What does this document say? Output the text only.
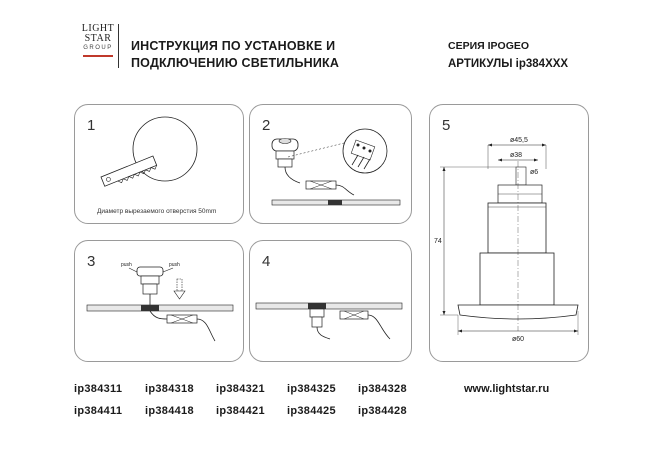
LIGHT
STAR
GROUP	ИНСТРУКЦИЯ ПО УСТАНОВКЕ И
ПОДКЛЮЧЕНИЮ СВЕТИЛЬНИКА
СЕРИЯ IPOGEO
АРТИКУЛЫ ip384XXX
1
Диаметр вырезаемого отверстия 50mm
2
3	push	push	4
5
ø45,5
ø38
ø6
74
ø60
ip384311 ip384318 ip384321 ip384325 ip384328
ip384411 ip384418 ip384421 ip384425 ip384428
www.lightstar.ru
